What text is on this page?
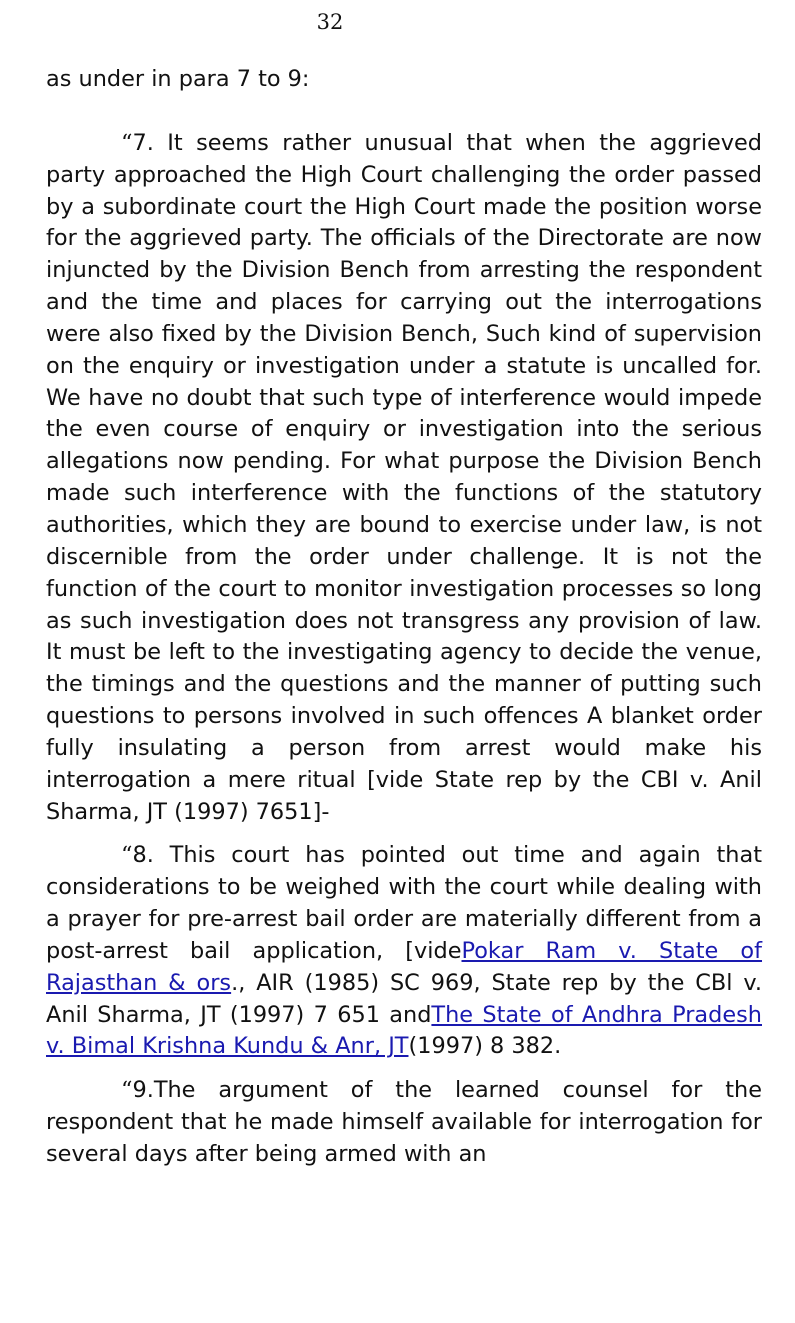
32

as under in para 7 to 9:

“7. It seems rather unusual that when the aggrieved party approached the High Court challenging the order passed by a subordinate court the High Court made the position worse for the aggrieved party. The officials of the Directorate are now injuncted by the Division Bench from arresting the respondent and the time and places for carrying out the interrogations were also fixed by the Division Bench, Such kind of supervision on the enquiry or investigation under a statute is uncalled for. We have no doubt that such type of interference would impede the even course of enquiry or investigation into the serious allegations now pending. For what purpose the Division Bench made such interference with the functions of the statutory authorities, which they are bound to exercise under law, is not discernible from the order under challenge. It is not the function of the court to monitor investigation processes so long as such investigation does not transgress any provision of law. It must be left to the investigating agency to decide the venue, the timings and the questions and the manner of putting such questions to persons involved in such offences A blanket order fully insulating a person from arrest would make his interrogation a mere ritual [vide State rep by the CBI v. Anil Sharma, JT (1997) 7651]-

“8. This court has pointed out time and again that considerations to be weighed with the court while dealing with a prayer for pre-arrest bail order are materially different from a post-arrest bail application, [videPokar Ram v. State of Rajasthan & ors., AIR (1985) SC 969, State rep by the CBl v. Anil Sharma, JT (1997) 7 651 andThe State of Andhra Pradesh v. Bimal Krishna Kundu & Anr, JT(1997) 8 382.

“9.The argument of the learned counsel for the respondent that he made himself available for interrogation for several days after being armed with an
